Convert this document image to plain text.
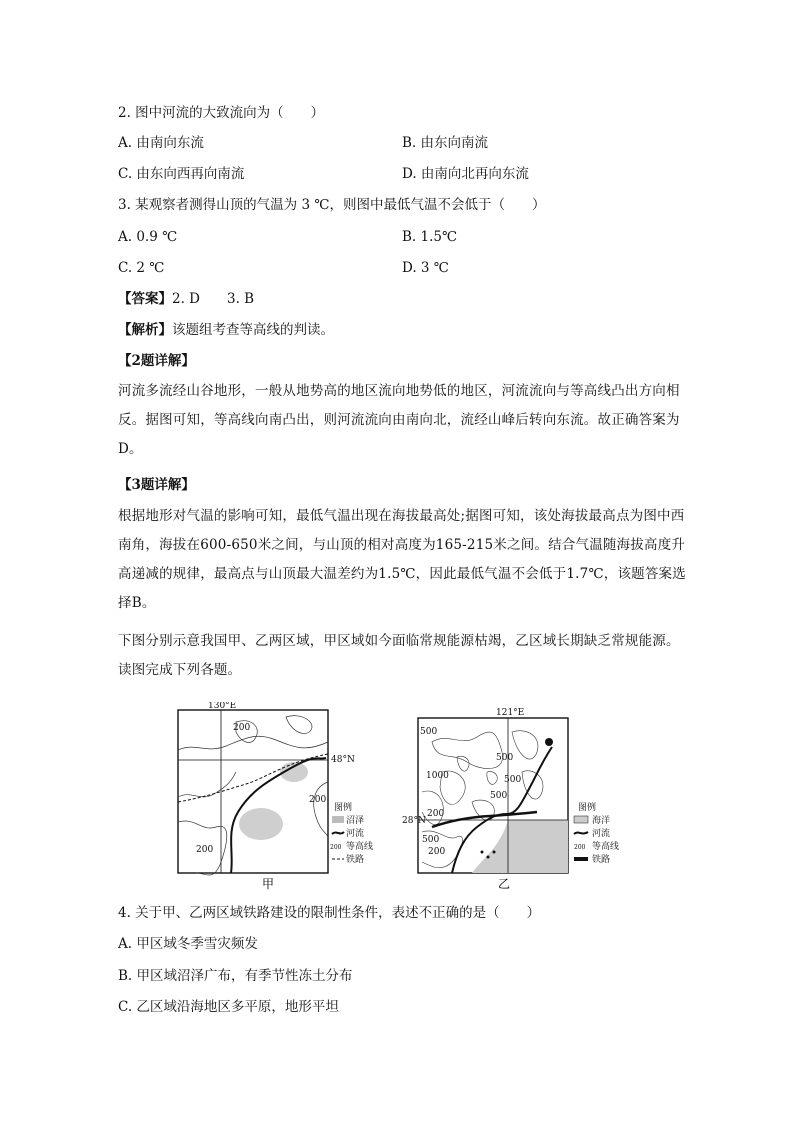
2. 图中河流的大致流向为（　　）
A. 由南向东流	B. 由东向南流
C. 由东向西再向南流	D. 由南向北再向东流
3. 某观察者测得山顶的气温为 3 ℃，则图中最低气温不会低于（　　）
A. 0.9 ℃	B. 1.5℃
C. 2 ℃	D. 3 ℃
【答案】2. D　　3. B
【解析】该题组考查等高线的判读。
【2题详解】
河流多流经山谷地形，一般从地势高的地区流向地势低的地区，河流流向与等高线凸出方向相反。据图可知，等高线向南凸出，则河流流向由南向北，流经山峰后转向东流。故正确答案为D。
【3题详解】
根据地形对气温的影响可知，最低气温出现在海拔最高处;据图可知，该处海拔最高点为图中西南角，海拔在600-650米之间，与山顶的相对高度为165-215米之间。结合气温随海拔高度升高递减的规律，最高点与山顶最大温差约为1.5℃，因此最低气温不会低于1.7℃，该题答案选择B。
下图分别示意我国甲、乙两区域，甲区域如今面临常规能源枯竭，乙区域长期缺乏常规能源。读图完成下列各题。
130°E
48°N
200
200
200
图例
沼泽
河流
200 等高线
铁路
甲
121°E
28°N
500
500
1000	500
500
200
500
200
图例
海洋
河流
200 等高线
铁路
乙
4. 关于甲、乙两区域铁路建设的限制性条件，表述不正确的是（　　）
A. 甲区域冬季雪灾频发
B. 甲区域沼泽广布，有季节性冻土分布
C. 乙区域沿海地区多平原，地形平坦
